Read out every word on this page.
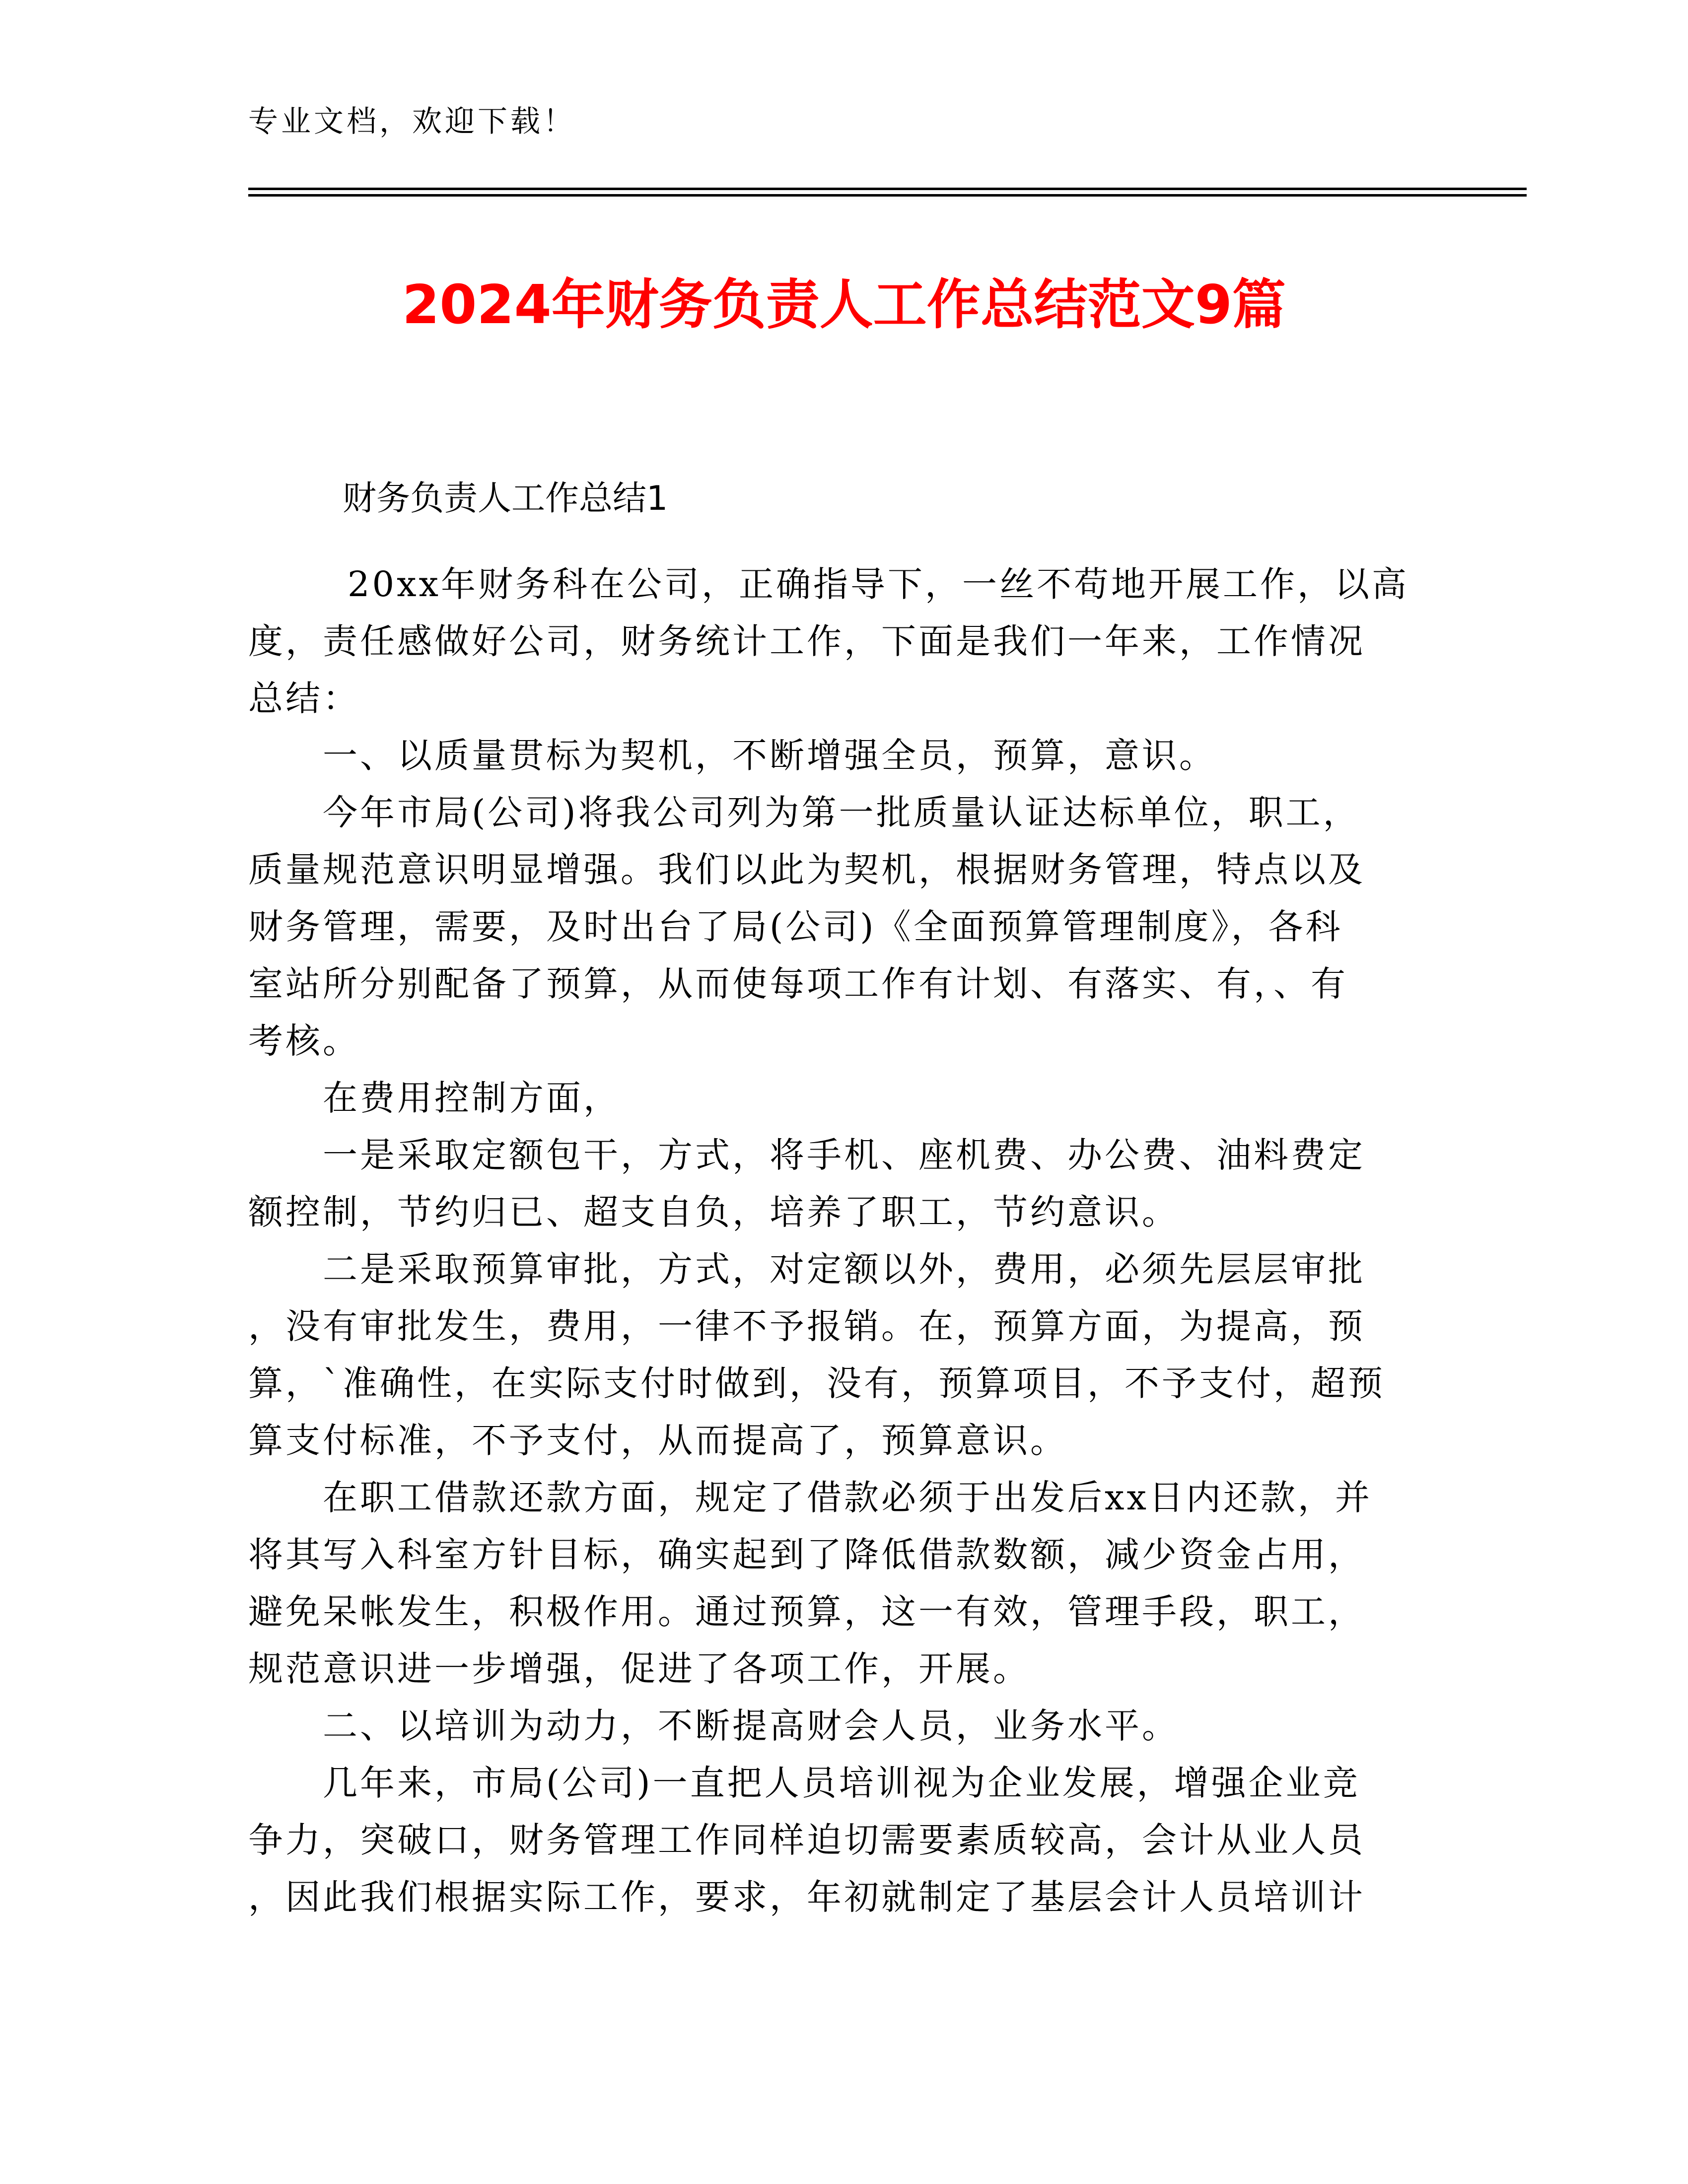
专业文档，欢迎下载！
2024年财务负责人工作总结范文9篇
财务负责人工作总结1
20xx年财务科在公司，正确指导下，一丝不苟地开展工作，以高
度，责任感做好公司，财务统计工作，下面是我们一年来，工作情况
总结：
一、以质量贯标为契机，不断增强全员，预算，意识。
今年市局(公司)将我公司列为第一批质量认证达标单位，职工，
质量规范意识明显增强。我们以此为契机，根据财务管理，特点以及
财务管理，需要，及时出台了局(公司)《全面预算管理制度》，各科
室站所分别配备了预算，从而使每项工作有计划、有落实、有，、有
考核。
在费用控制方面，
一是采取定额包干，方式，将手机、座机费、办公费、油料费定
额控制，节约归已、超支自负，培养了职工，节约意识。
二是采取预算审批，方式，对定额以外，费用，必须先层层审批
，没有审批发生，费用，一律不予报销。在，预算方面，为提高，预
算，`准确性，在实际支付时做到，没有，预算项目，不予支付，超预
算支付标准，不予支付，从而提高了，预算意识。
在职工借款还款方面，规定了借款必须于出发后xx日内还款，并
将其写入科室方针目标，确实起到了降低借款数额，减少资金占用，
避免呆帐发生，积极作用。通过预算，这一有效，管理手段，职工，
规范意识进一步增强，促进了各项工作，开展。
二、以培训为动力，不断提高财会人员，业务水平。
几年来，市局(公司)一直把人员培训视为企业发展，增强企业竞
争力，突破口，财务管理工作同样迫切需要素质较高，会计从业人员
，因此我们根据实际工作，要求，年初就制定了基层会计人员培训计
